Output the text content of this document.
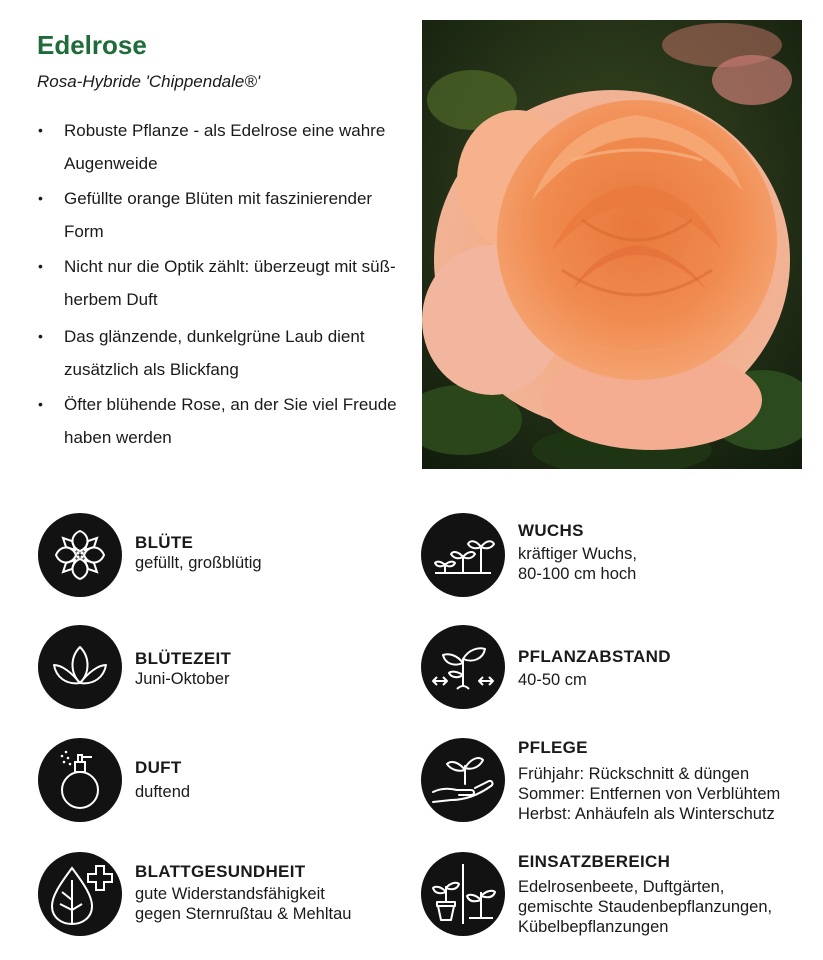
Edelrose
Rosa-Hybride 'Chippendale®'
• Robuste Pflanze - als Edelrose eine wahre Augenweide
• Gefüllte orange Blüten mit faszinierender Form
• Nicht nur die Optik zählt: überzeugt mit süß-herbem Duft
• Das glänzende, dunkelgrüne Laub dient zusätzlich als Blickfang
• Öfter blühende Rose, an der Sie viel Freude haben werden
BLÜTE
gefüllt, großblütig
BLÜTEZEIT
Juni-Oktober
DUFT
duftend
BLATTGESUNDHEIT
gute Widerstandsfähigkeit
gegen Sternrußtau & Mehltau
WUCHS
kräftiger Wuchs,
80-100 cm hoch
PFLANZABSTAND
40-50 cm
PFLEGE
Frühjahr: Rückschnitt & düngen
Sommer: Entfernen von Verblühtem
Herbst: Anhäufeln als Winterschutz
EINSATZBEREICH
Edelrosenbeete, Duftgärten,
gemischte Staudenbepflanzungen,
Kübelbepflanzungen
